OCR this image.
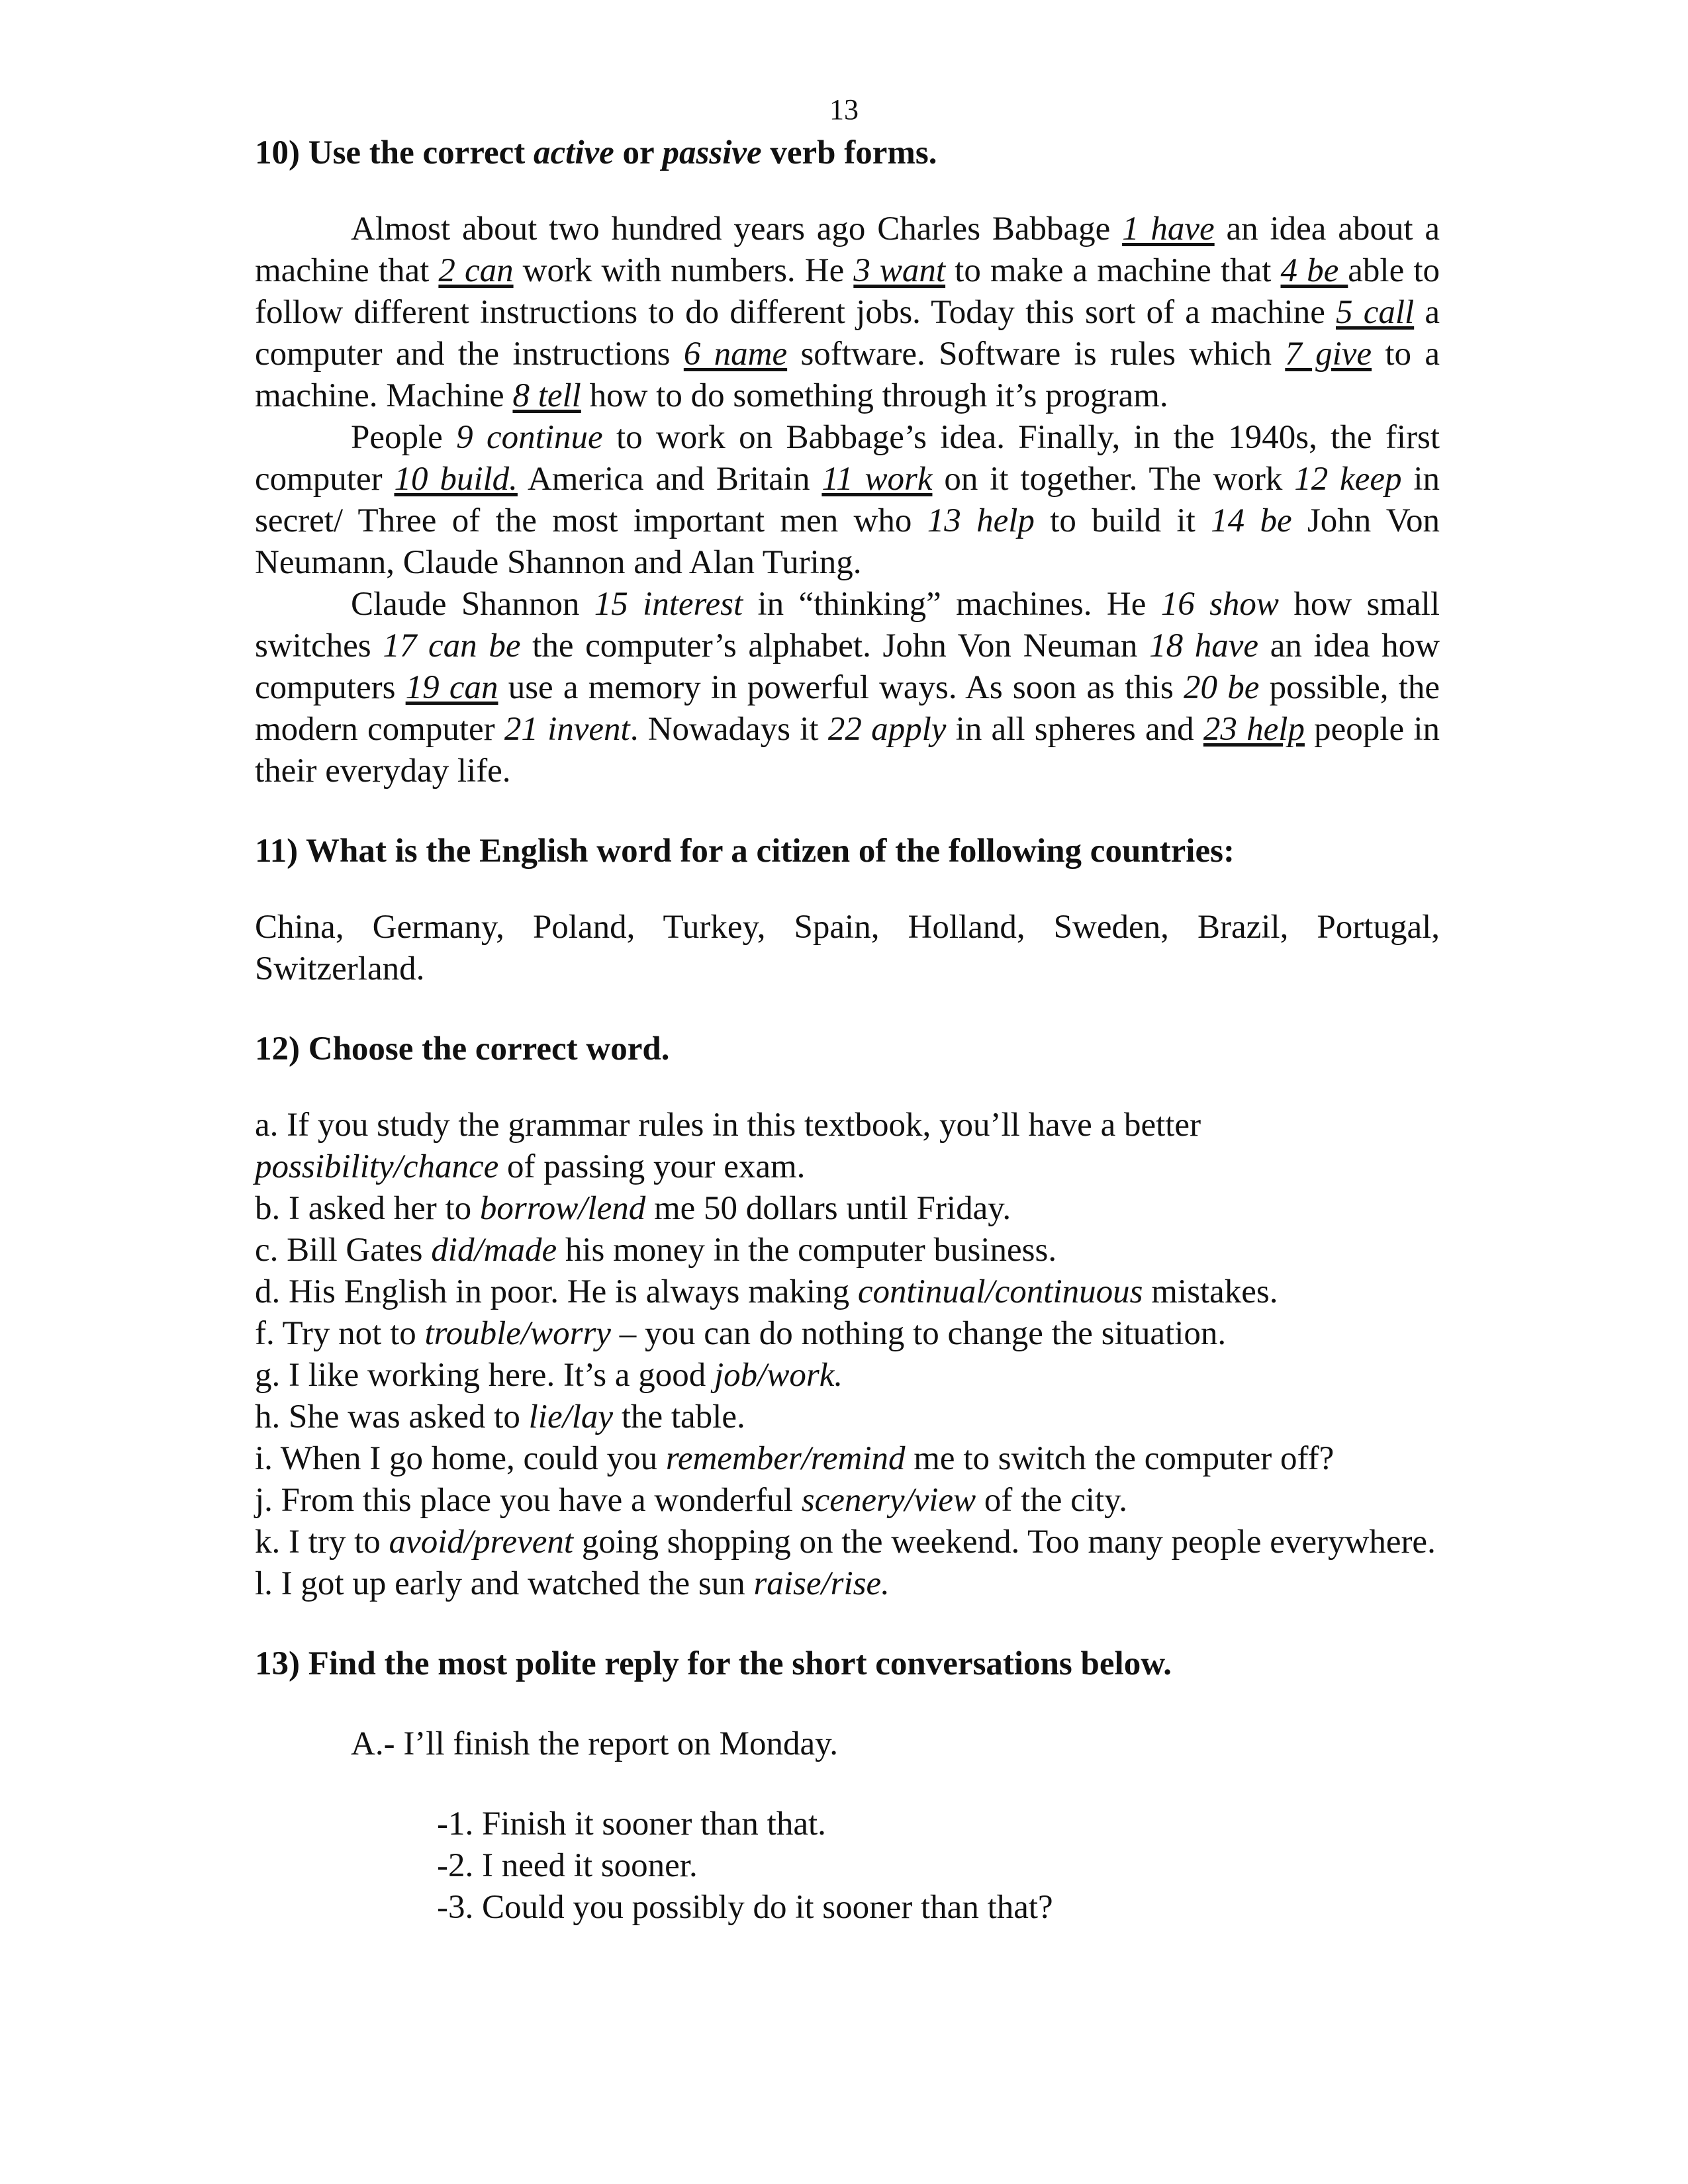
13

10) Use the correct active or passive verb forms.

Almost about two hundred years ago Charles Babbage 1 have an idea about a machine that 2 can work with numbers. He 3 want to make a machine that 4 be able to follow different instructions to do different jobs. Today this sort of a machine 5 call a computer and the instructions 6 name software. Software is rules which 7 give to a machine. Machine 8 tell how to do something through it’s program.

People 9 continue to work on Babbage’s idea. Finally, in the 1940s, the first computer 10 build. America and Britain 11 work on it together. The work 12 keep in secret/ Three of the most important men who 13 help to build it 14 be John Von Neumann, Claude Shannon and Alan Turing.

Claude Shannon 15 interest in “thinking” machines. He 16 show how small switches 17 can be the computer’s alphabet. John Von Neuman 18 have an idea how computers 19 can use a memory in powerful ways. As soon as this 20 be possible, the modern computer 21 invent. Nowadays it 22 apply in all spheres and 23 help people in their everyday life.

11) What is the English word for a citizen of the following countries:

China, Germany, Poland, Turkey, Spain, Holland, Sweden, Brazil, Portugal, Switzerland.

12) Choose the correct word.

a. If you study the grammar rules in this textbook, you’ll have a better possibility/chance of passing your exam.

b. I asked her to borrow/lend me 50 dollars until Friday.

c. Bill Gates did/made his money in the computer business.

d. His English in poor. He is always making continual/continuous mistakes.

f. Try not to trouble/worry – you can do nothing to change the situation.

g. I like working here. It’s a good job/work.

h. She was asked to lie/lay the table.

i. When I go home, could you remember/remind me to switch the computer off?

j. From this place you have a wonderful scenery/view of the city.

k. I try to avoid/prevent going shopping on the weekend. Too many people everywhere.

l. I got up early and watched the sun raise/rise.

13) Find the most polite reply for the short conversations below.

A.- I’ll finish the report on Monday.

-1. Finish it sooner than that.

-2. I need it sooner.

-3. Could you possibly do it sooner than that?
